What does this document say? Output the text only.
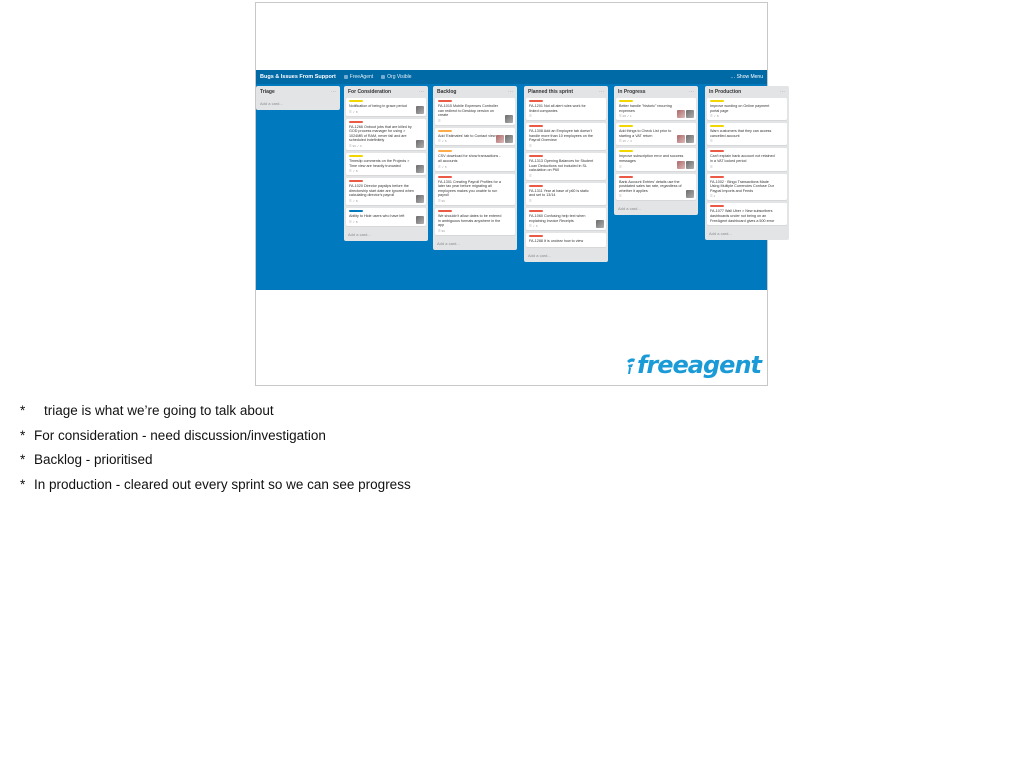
Bugs & Issues From Support	FreeAgent	Org Visible	… Show Menu
Triage	⋯
Add a card...
For Consideration	⋯
Notification of being in grace period
☰ ✓ 8
FA-1266 Onboot jobs that are killed by GOD process manager for using > 1024MB of RAM, never fail and are scheduled indefinitely
☰ 90 ✓ 6
Timeslip comments on the Projects > Time view are heavily truncated
☰ ✓ 8
FA-1020 Director payslips before the directorship start date are ignored when calculating director's payroll
☰ ✓ 8
Ability to Hide users who have left
☰ ✓ 8
Add a card...
Backlog	⋯
FA-1015 Mobile Expenses Controller can redirect to Desktop version on create
☰
Add 'Estimates' tab to Contact view
☰ ✓ 6
CSV download for show transactions - all accounts
☰ ✓ 5
FA-1301 Creating Payroll Profiles for a later tax year before migrating all employees makes you unable to run payroll
☰ 90
We shouldn't allow dates to be entered in ambiguous formats anywhere in the app
☰ 90
Add a card...
Planned this sprint	⋯
FA-1201 Not all alert rules work for linked companies
☰
FA-1308 Add an Employee tab doesn't handle more than 10 employees on the Payroll Overview
☰
FA-1313 Opening Balances for Student Loan Deductions not included in SL calculation on P60
☰
FA-1311 Year at base of p60 is static and set to 13/14
☰
FA-1060 Confusing help text when explaining Invoice Receipts
☰ ✓ 6
FA-1288 It is unclear how to view
Add a card...
In Progress	⋯
Better handle "historic" recurring expenses
☰ 28 ✓ 1
Add things to Check List prior to starting a VAT return
☰ 15 ✓ 4
Improve subscription error and success messages
☰
Bank Account Entries' details use the postdated sales tax rate, regardless of whether it applies
☰
Add a card...
In Production	⋯
Improve wording on Online payment portal page
☰ ✓ 8
Warn customers that they can access cancelled account
☰
Can't explain bank account not retained in a VAT locked period
☰
FA-1002 · Bingo Transactions Made Using Multiple Currencies Confuse Our Paypal Imports and Feeds
☰ 1
FA-1077 Wall Uber > New subscribers dashboards under not being on an FreeAgent dashboard gives a 500 error
Add a card...
freeagent
*	triage is what we’re going to talk about
* For consideration - need discussion/investigation
* Backlog - prioritised
* In production - cleared out every sprint so we can see progress
